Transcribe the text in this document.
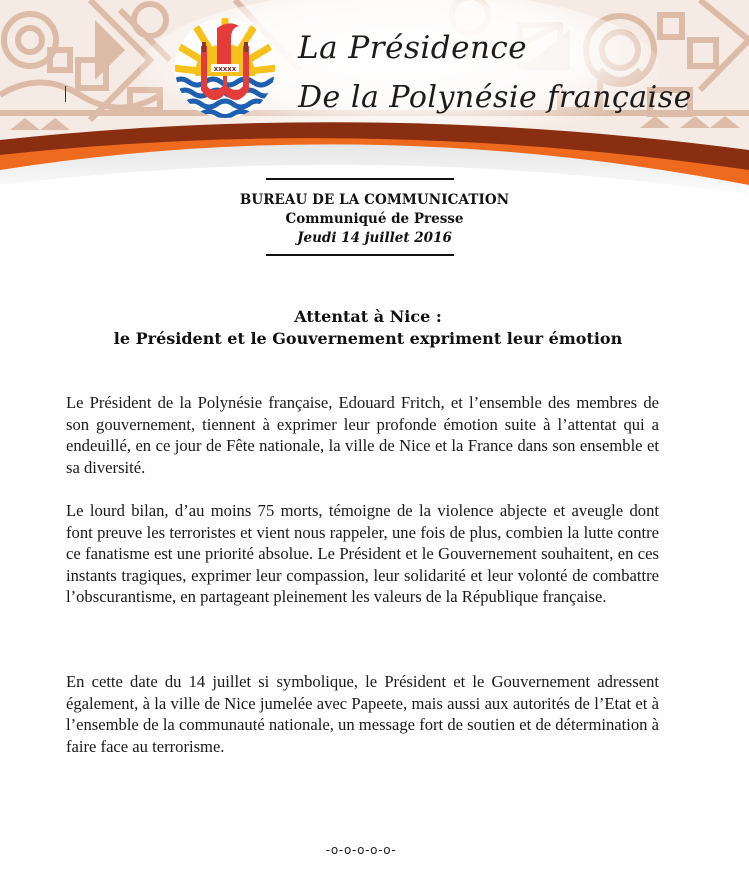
xxxxx
La Présidence
De la Polynésie française
BUREAU DE LA COMMUNICATION
Communiqué de Presse
Jeudi 14 juillet 2016
Attentat à Nice :
le Président et le Gouvernement expriment leur émotion

Le Président de la Polynésie française, Edouard Fritch, et l’ensemble des membres de son gouvernement, tiennent à exprimer leur profonde émotion suite à l’attentat qui a endeuillé, en ce jour de Fête nationale, la ville de Nice et la France dans son ensemble et sa diversité.

Le lourd bilan, d’au moins 75 morts, témoigne de la violence abjecte et aveugle dont font preuve les terroristes et vient nous rappeler, une fois de plus, combien la lutte contre ce fanatisme est une priorité absolue. Le Président et le Gouvernement souhaitent, en ces instants tragiques, exprimer leur compassion, leur solidarité et leur volonté de combattre l’obscurantisme, en partageant pleinement les valeurs de la République française.

En cette date du 14 juillet si symbolique, le Président et le Gouvernement adressent également, à la ville de Nice jumelée avec Papeete, mais aussi aux autorités de l’Etat et à l’ensemble de la communauté nationale, un message fort de soutien et de détermination à faire face au terrorisme.

-o-o-o-o-o-
